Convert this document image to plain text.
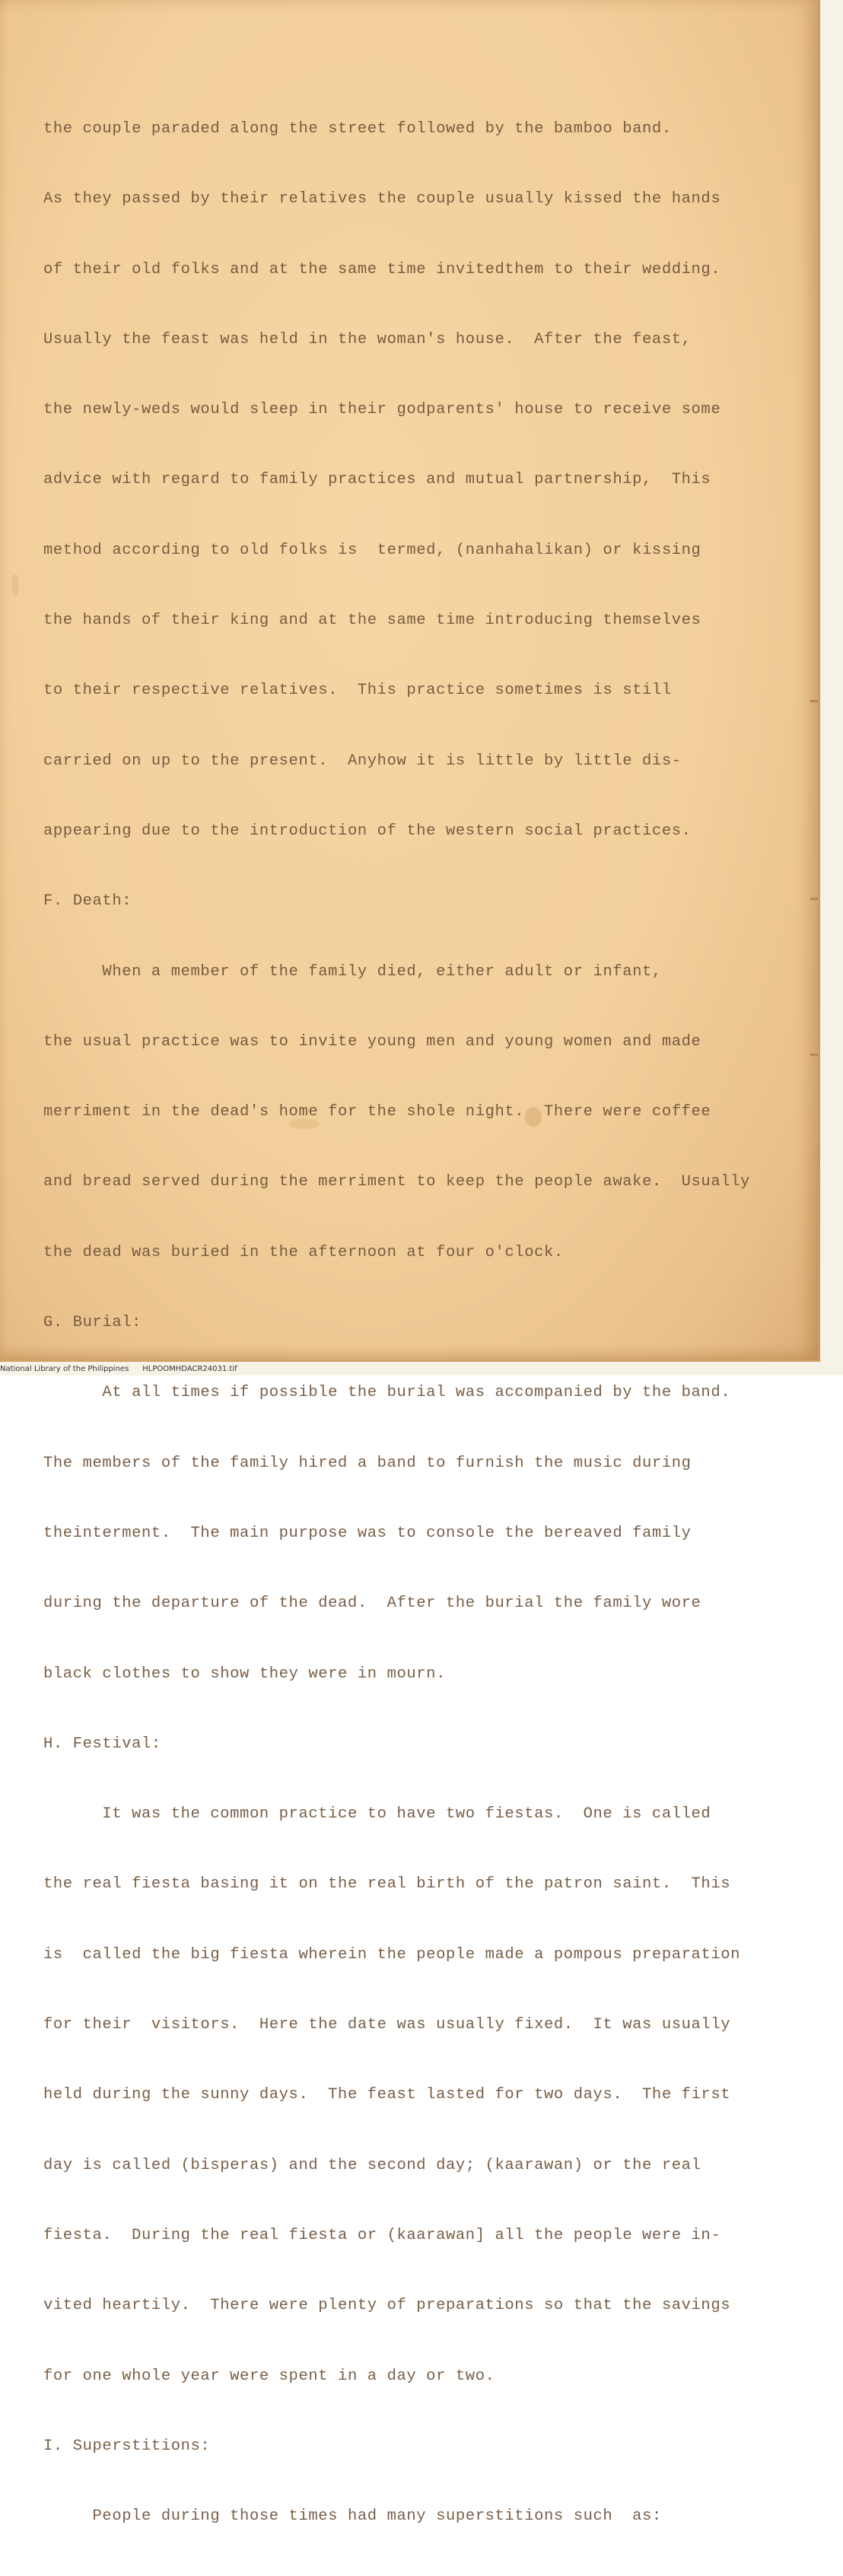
the couple paraded along the street followed by the bamboo band.

As they passed by their relatives the couple usually kissed the hands

of their old folks and at the same time invitedthem to their wedding.

Usually the feast was held in the woman's house.  After the feast,

the newly-weds would sleep in their godparents' house to receive some

advice with regard to family practices and mutual partnership,  This

method according to old folks is  termed, (nanhahalikan) or kissing

the hands of their king and at the same time introducing themselves

to their respective relatives.  This practice sometimes is still

carried on up to the present.  Anyhow it is little by little dis-

appearing due to the introduction of the western social practices.

F. Death:

When a member of the family died, either adult or infant,

the usual practice was to invite young men and young women and made

merriment in the dead's home for the shole night.  There were coffee

and bread served during the merriment to keep the people awake.  Usually

the dead was buried in the afternoon at four o'clock.

G. Burial:

At all times if possible the burial was accompanied by the band.

The members of the family hired a band to furnish the music during

theinterment.  The main purpose was to console the bereaved family

during the departure of the dead.  After the burial the family wore

black clothes to show they were in mourn.

H. Festival:

It was the common practice to have two fiestas.  One is called

the real fiesta basing it on the real birth of the patron saint.  This

is  called the big fiesta wherein the people made a pompous preparation

for their  visitors.  Here the date was usually fixed.  It was usually

held during the sunny days.  The feast lasted for two days.  The first

day is called (bisperas) and the second day; (kaarawan) or the real

fiesta.  During the real fiesta or (kaarawan] all the people were in-

vited heartily.  There were plenty of preparations so that the savings

for one whole year were spent in a day or two.

I. Superstitions:

People during those times had many superstitions such  as:

National Library of the Philippines HLPOOMHDACR24031.tif
